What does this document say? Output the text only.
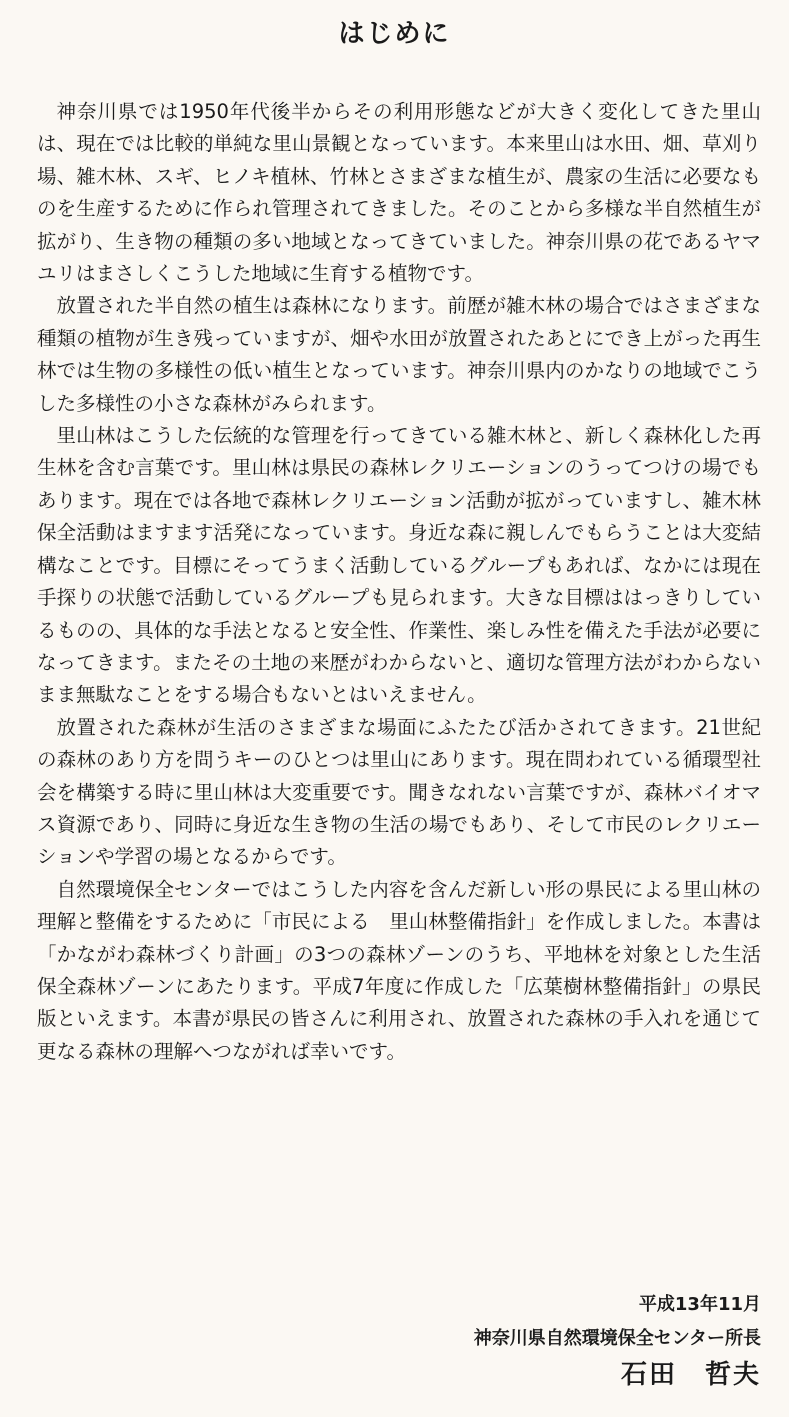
はじめに

神奈川県では1950年代後半からその利用形態などが大きく変化してきた里山は、現在では比較的単純な里山景観となっています。本来里山は水田、畑、草刈り場、雑木林、スギ、ヒノキ植林、竹林とさまざまな植生が、農家の生活に必要なものを生産するために作られ管理されてきました。そのことから多様な半自然植生が拡がり、生き物の種類の多い地域となってきていました。神奈川県の花であるヤマユリはまさしくこうした地域に生育する植物です。

放置された半自然の植生は森林になります。前歴が雑木林の場合ではさまざまな種類の植物が生き残っていますが、畑や水田が放置されたあとにでき上がった再生林では生物の多様性の低い植生となっています。神奈川県内のかなりの地域でこうした多様性の小さな森林がみられます。

里山林はこうした伝統的な管理を行ってきている雑木林と、新しく森林化した再生林を含む言葉です。里山林は県民の森林レクリエーションのうってつけの場でもあります。現在では各地で森林レクリエーション活動が拡がっていますし、雑木林保全活動はますます活発になっています。身近な森に親しんでもらうことは大変結構なことです。目標にそってうまく活動しているグループもあれば、なかには現在手探りの状態で活動しているグループも見られます。大きな目標ははっきりしているものの、具体的な手法となると安全性、作業性、楽しみ性を備えた手法が必要になってきます。またその土地の来歴がわからないと、適切な管理方法がわからないまま無駄なことをする場合もないとはいえません。

放置された森林が生活のさまざまな場面にふたたび活かされてきます。21世紀の森林のあり方を問うキーのひとつは里山にあります。現在問われている循環型社会を構築する時に里山林は大変重要です。聞きなれない言葉ですが、森林バイオマス資源であり、同時に身近な生き物の生活の場でもあり、そして市民のレクリエーションや学習の場となるからです。

自然環境保全センターではこうした内容を含んだ新しい形の県民による里山林の理解と整備をするために「市民による　里山林整備指針」を作成しました。本書は「かながわ森林づくり計画」の3つの森林ゾーンのうち、平地林を対象とした生活保全森林ゾーンにあたります。平成7年度に作成した「広葉樹林整備指針」の県民版といえます。本書が県民の皆さんに利用され、放置された森林の手入れを通じて更なる森林の理解へつながれば幸いです。

平成13年11月
神奈川県自然環境保全センター所長
石田　哲夫
